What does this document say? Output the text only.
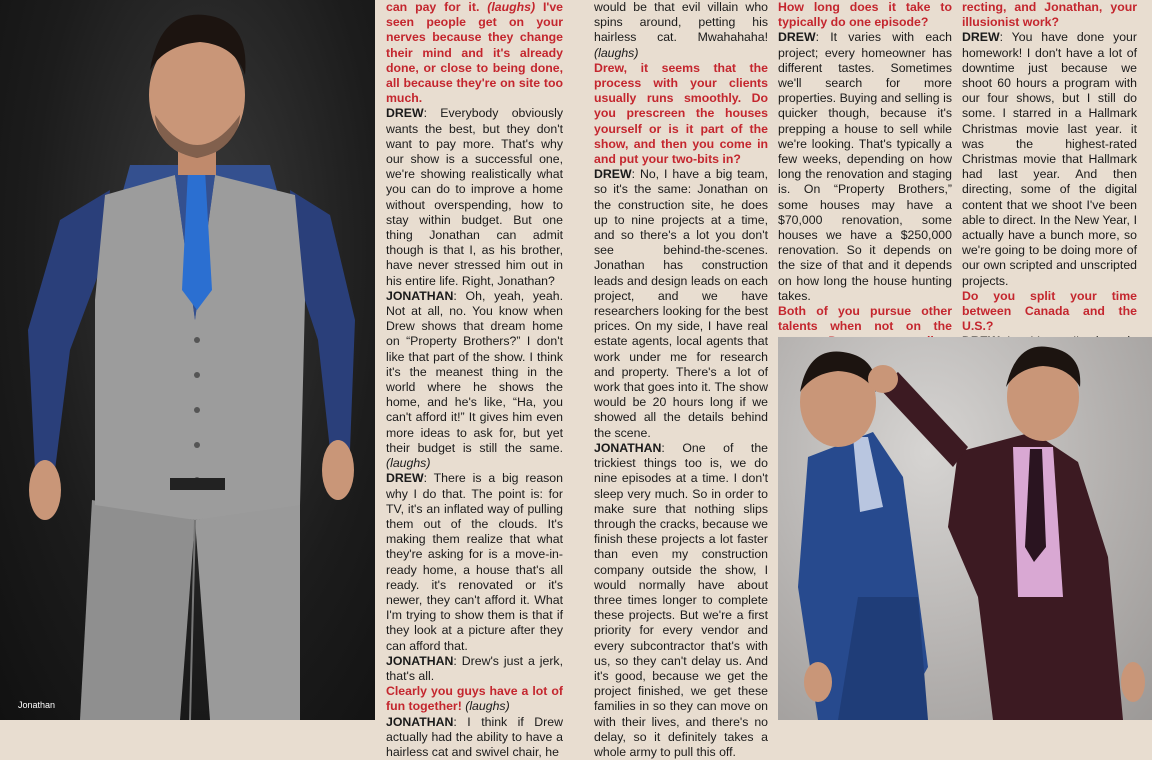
Jonathan

can pay for it. (laughs) I've seen people get on your nerves because they change their mind and it's already done, or close to being done, all because they're on site too much.

DREW: Everybody obviously wants the best, but they don't want to pay more. That's why our show is a successful one, we're showing realistically what you can do to improve a home without overspending, how to stay within budget. But one thing Jonathan can admit though is that I, as his brother, have never stressed him out in his entire life. Right, Jonathan?

JONATHAN: Oh, yeah, yeah. Not at all, no. You know when Drew shows that dream home on “Property Brothers?” I don't like that part of the show. I think it's the meanest thing in the world where he shows the home, and he's like, “Ha, you can't afford it!” It gives him even more ideas to ask for, but yet their budget is still the same. (laughs)

DREW: There is a big reason why I do that. The point is: for TV, it's an inflated way of pulling them out of the clouds. It's making them realize that what they're asking for is a move-in-ready home, a house that's all ready. it's renovated or it's newer, they can't afford it. What I'm trying to show them is that if they look at a picture after they can afford that.

JONATHAN: Drew's just a jerk, that's all.

Clearly you guys have a lot of fun together! (laughs)

JONATHAN: I think if Drew actually had the ability to have a hairless cat and swivel chair, he

would be that evil villain who spins around, petting his hairless cat. Mwahahaha! (laughs)

Drew, it seems that the process with your clients usually runs smoothly. Do you prescreen the houses yourself or is it part of the show, and then you come in and put your two-bits in?

DREW: No, I have a big team, so it's the same: Jonathan on the construction site, he does up to nine projects at a time, and so there's a lot you don't see behind-the-scenes. Jonathan has construction leads and design leads on each project, and we have researchers looking for the best prices. On my side, I have real estate agents, local agents that work under me for research and property. There's a lot of work that goes into it. The show would be 20 hours long if we showed all the details behind the scene.

JONATHAN: One of the trickiest things too is, we do nine episodes at a time. I don't sleep very much. So in order to make sure that nothing slips through the cracks, because we finish these projects a lot faster than even my construction company outside the show, I would normally have about three times longer to complete these projects. But we're a first priority for every vendor and every subcontractor that's with us, so they can't delay us. And it's good, because we get the project finished, we get these families in so they can move on with their lives, and there's no delay, so it definitely takes a whole army to pull this off.

How long does it take to typically do one episode?

DREW: It varies with each project; every homeowner has different tastes. Sometimes we'll search for more properties. Buying and selling is quicker though, because it's prepping a house to sell while we're looking. That's typically a few weeks, depending on how long the renovation and staging is. On “Property Brothers,” some houses may have a $70,000 renovation, some houses we have a $250,000 renovation. So it depends on the size of that and it depends on how long the house hunting takes.

Both of you pursue other talents when not on the

recting, and Jonathan, your illusionist work?

DREW: You have done your homework! I don't have a lot of downtime just because we shoot 60 hours a program with our four shows, but I still do some. I starred in a Hallmark Christmas movie last year. it was the highest-rated Christmas movie that Hallmark had last year. And then directing, some of the digital content that we shoot I've been able to direct. In the New Year, I actually have a bunch more, so we're going to be doing more of our own scripted and unscripted projects.

Do you split your time between Canada and the U.S.?
